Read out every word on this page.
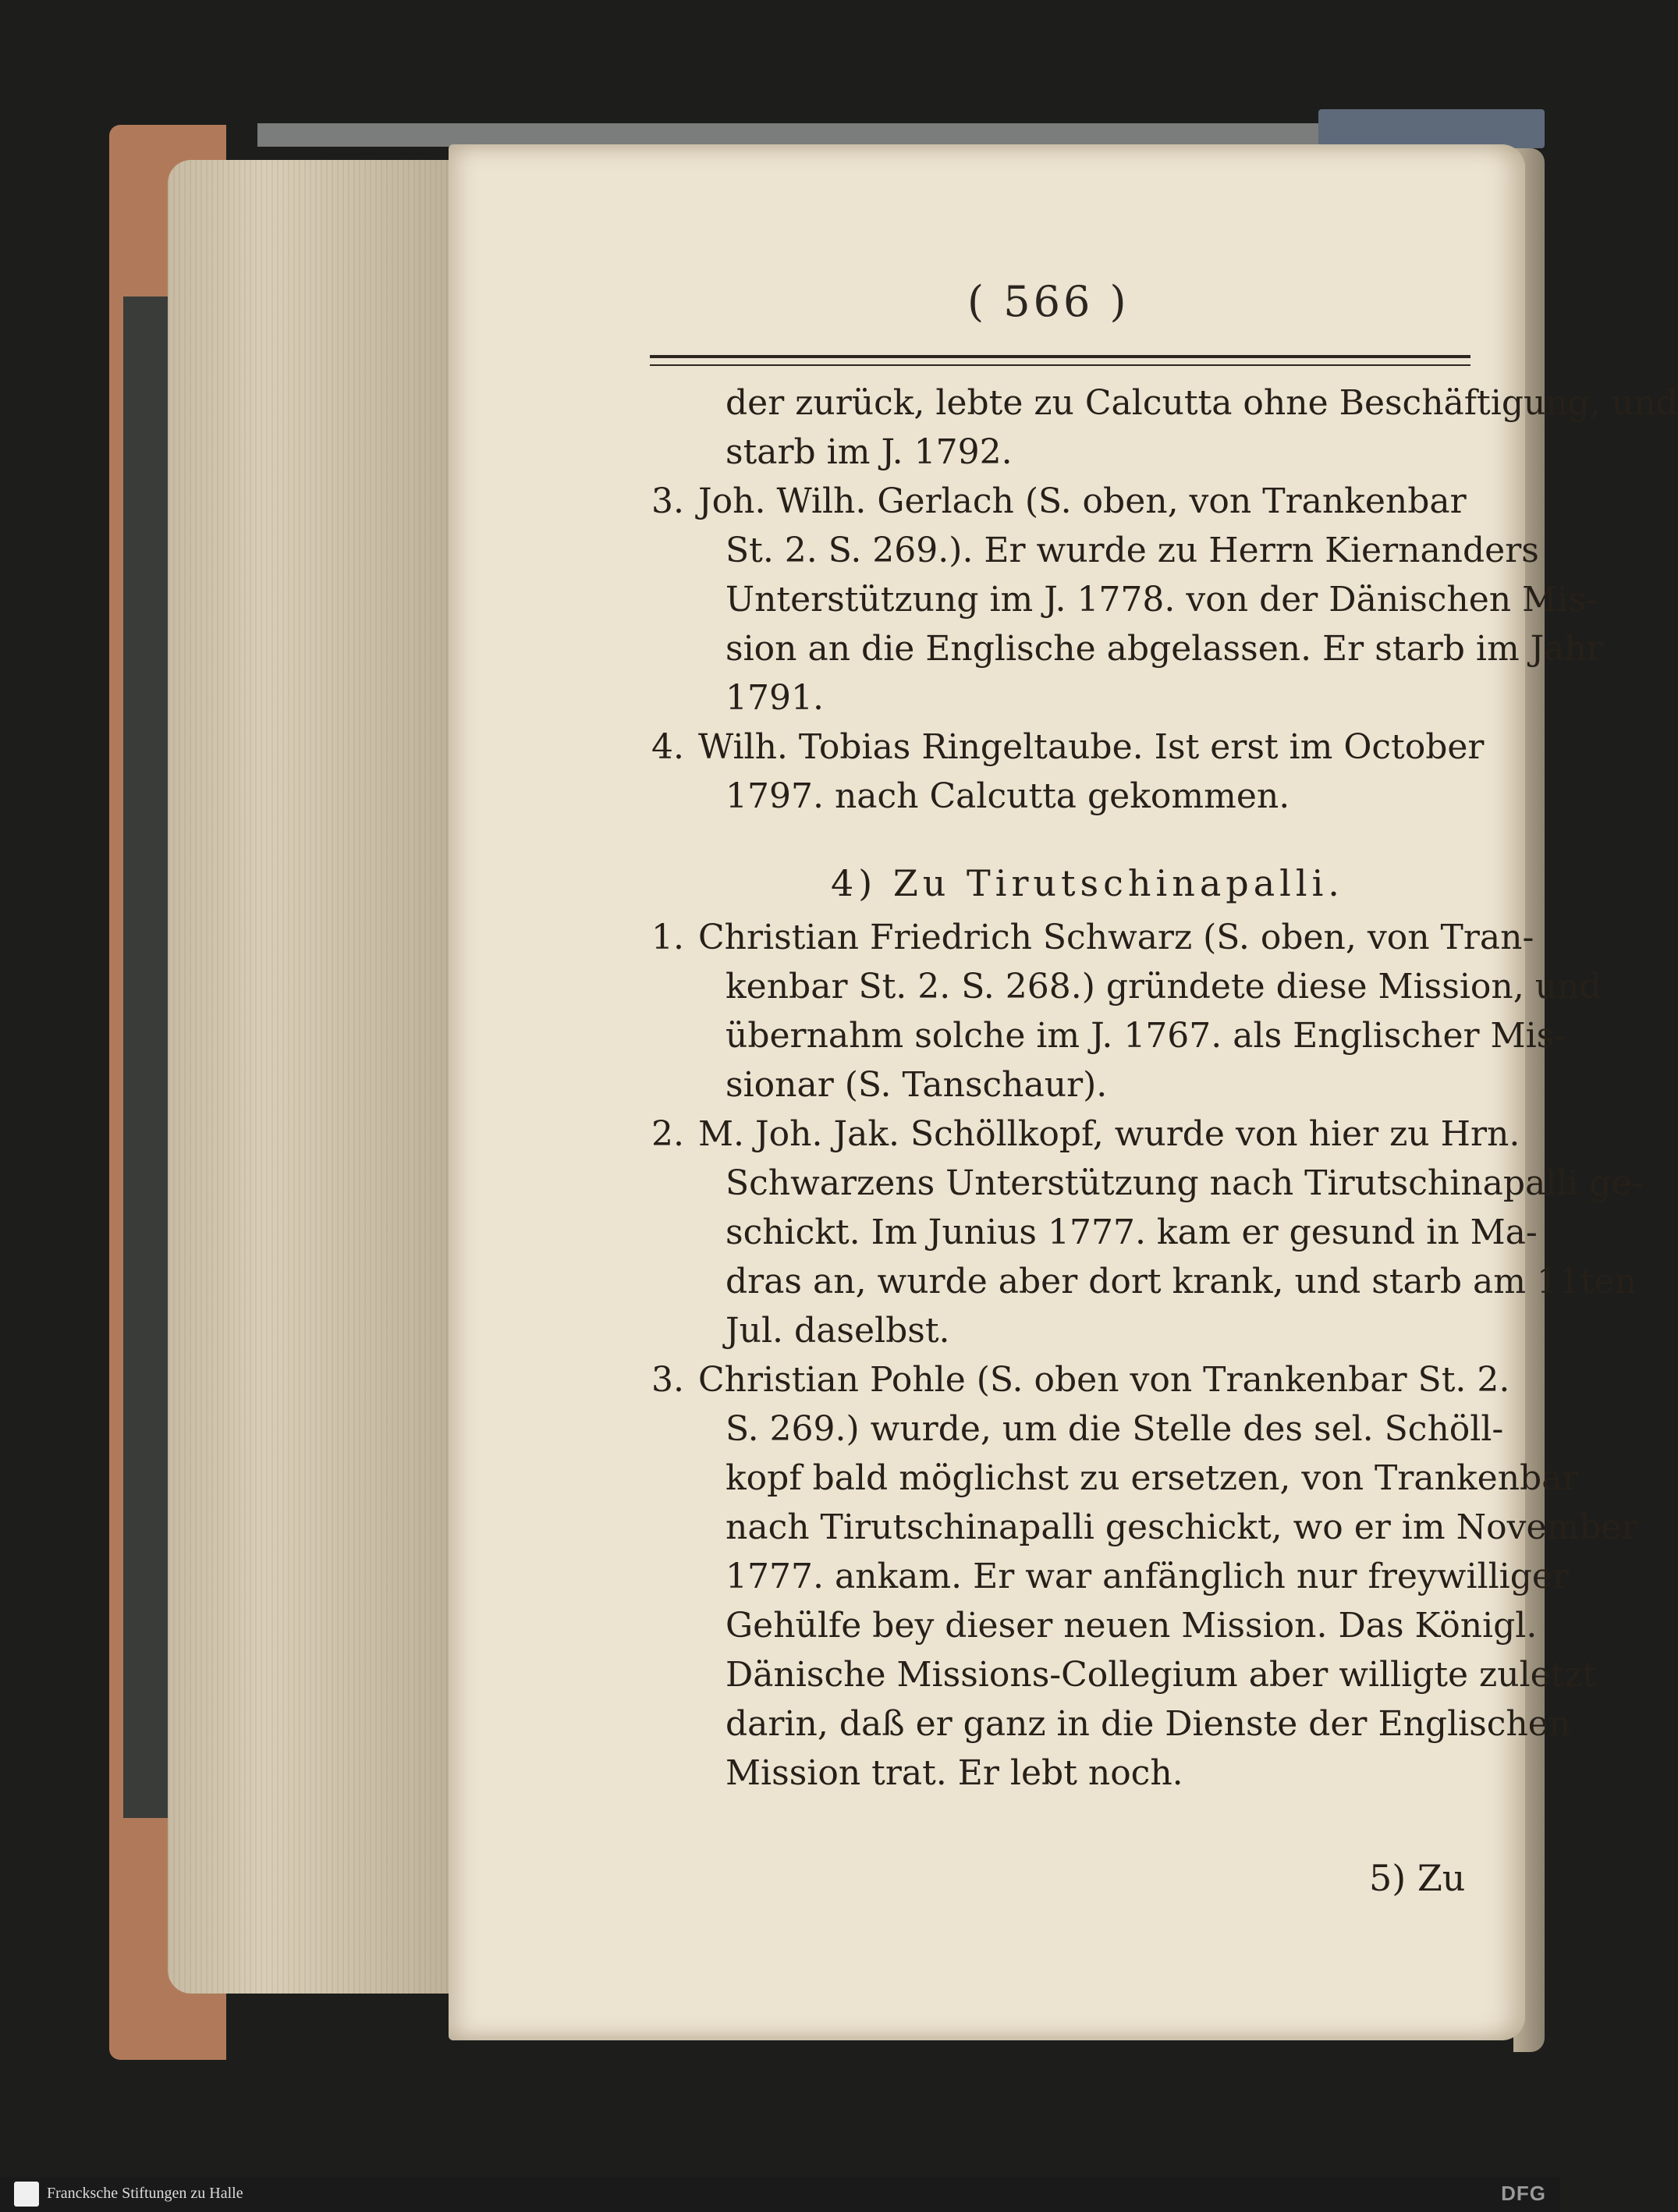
( 566 )
der zurück, lebte zu Calcutta ohne Beschäftigung, und
starb im J. 1792.
3. Joh. Wilh. Gerlach (S. oben, von Trankenbar
St. 2. S. 269.). Er wurde zu Herrn Kiernanders
Unterstützung im J. 1778. von der Dänischen Mis-
sion an die Englische abgelassen. Er starb im Jahr
1791.
4. Wilh. Tobias Ringeltaube. Ist erst im October
1797. nach Calcutta gekommen.
4) Zu Tirutschinapalli.
1. Christian Friedrich Schwarz (S. oben, von Tran-
kenbar St. 2. S. 268.) gründete diese Mission, und
übernahm solche im J. 1767. als Englischer Mis-
sionar (S. Tanschaur).
2. M. Joh. Jak. Schöllkopf, wurde von hier zu Hrn.
Schwarzens Unterstützung nach Tirutschinapalli ge-
schickt. Im Junius 1777. kam er gesund in Ma-
dras an, wurde aber dort krank, und starb am 11ten
Jul. daselbst.
3. Christian Pohle (S. oben von Trankenbar St. 2.
S. 269.) wurde, um die Stelle des sel. Schöll-
kopf bald möglichst zu ersetzen, von Trankenbar
nach Tirutschinapalli geschickt, wo er im November
1777. ankam. Er war anfänglich nur freywilliger
Gehülfe bey dieser neuen Mission. Das Königl.
Dänische Missions-Collegium aber willigte zuletzt
darin, daß er ganz in die Dienste der Englischen
Mission trat. Er lebt noch.
5) Zu
Francksche Stiftungen zu Halle	DFG
